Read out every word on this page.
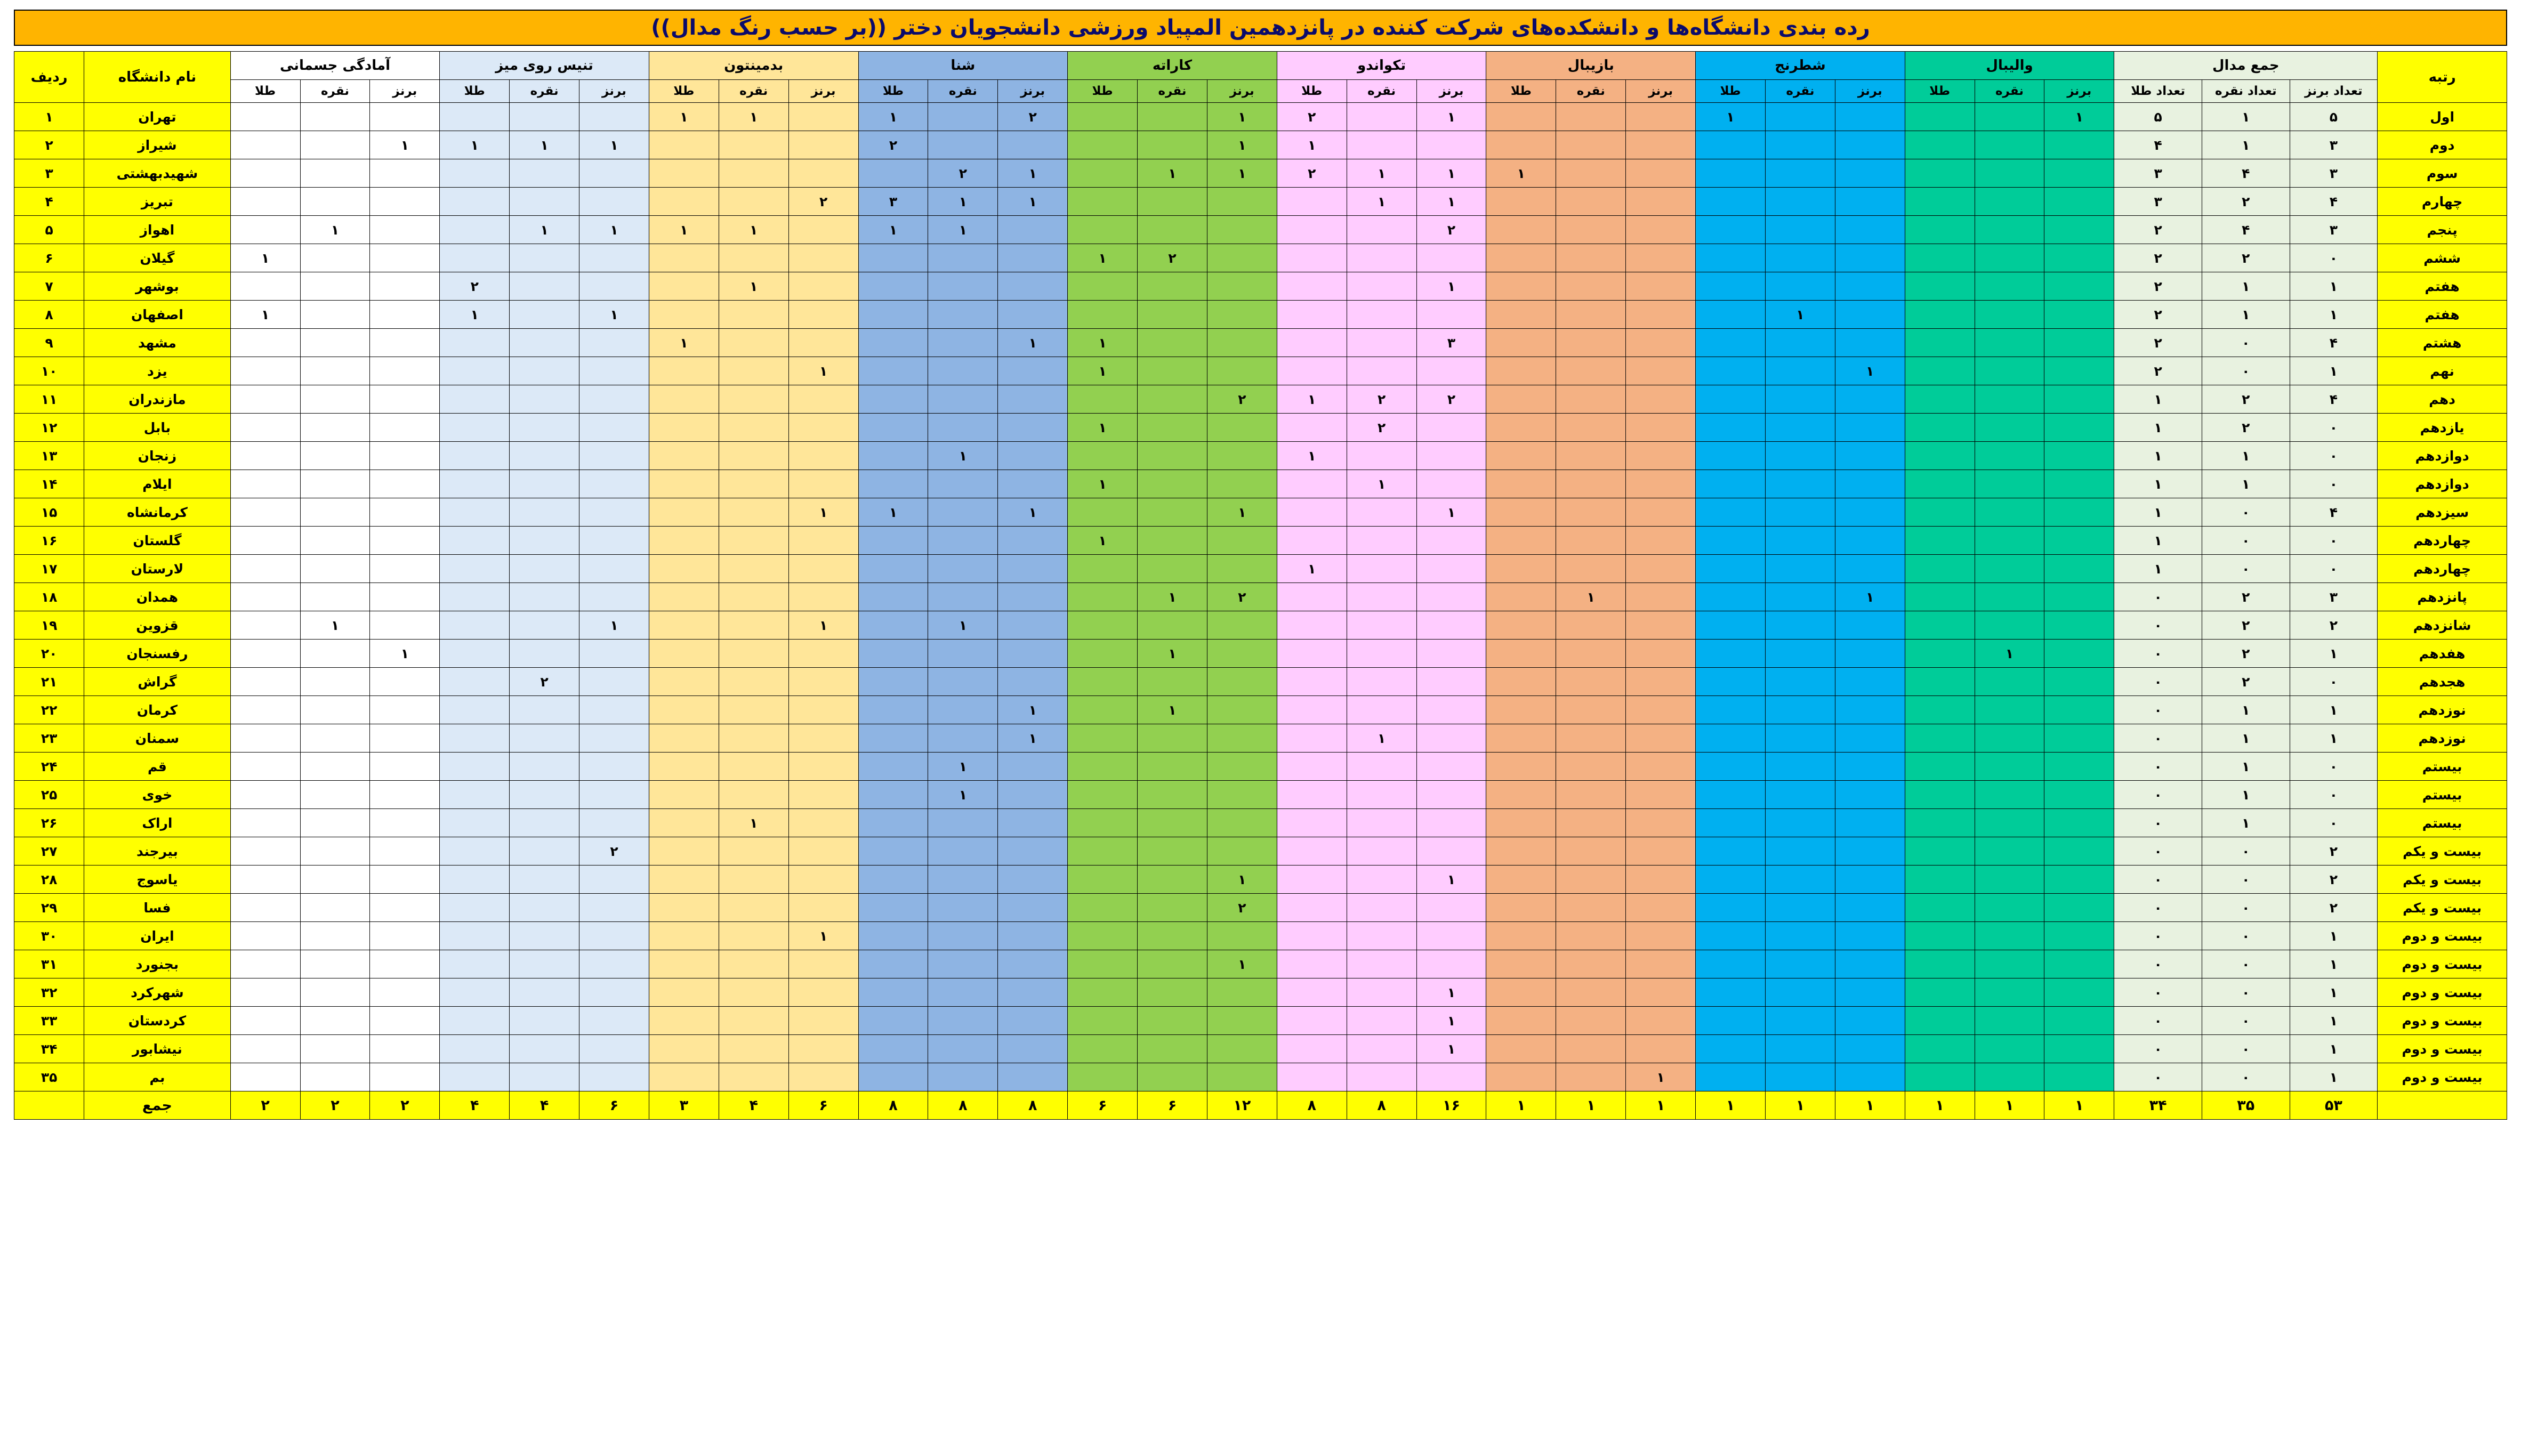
رده بندی دانشگاه‌ها و دانشکده‌های شرکت کننده در پانزدهمین المپیاد ورزشی دانشجویان دختر ((بر حسب رنگ مدال))
رتبه	جمع مدال			والیبال			شطرنج			بازیبال			تکواندو			کاراته			شنا			بدمینتون			تنیس روی میز			آمادگی جسمانی			نام دانشگاه	ردیف
	تعداد برنز	تعداد نقره	تعداد طلا	برنز	نقره	طلا	برنز	نقره	طلا	برنز	نقره	طلا	برنز	نقره	طلا	برنز	نقره	طلا	برنز	نقره	طلا	برنز	نقره	طلا	برنز	نقره	طلا	برنز	نقره	طلا		
اول	۵	۱	۵	۱					۱				۱		۲	۱			۲		۱		۱	۱							تهران	۱
دوم	۳	۱	۴												۱	۱					۲				۱	۱	۱	۱			شیراز	۲
سوم	۳	۴	۳									۱	۱	۱	۲	۱	۱		۱	۲											شهیدبهشتی	۳
چهارم	۴	۲	۳										۱	۱					۱	۱	۳	۲									تبریز	۴
پنجم	۳	۴	۲										۲							۱	۱		۱	۱	۱	۱			۱		اهواز	۵
ششم	۰	۲	۲														۲	۱												۱	گیلان	۶
هفتم	۱	۱	۲										۱										۱				۲				بوشهر	۷
هفتم	۱	۱	۲					۱																	۱		۱			۱	اصفهان	۸
هشتم	۴	۰	۲										۳					۱	۱					۱							مشهد	۹
نهم	۱	۰	۲				۱											۱				۱									یزد	۱۰
دهم	۴	۲	۱										۲	۲	۱	۲															مازندران	۱۱
یازدهم	۰	۲	۱											۲				۱													بابل	۱۲
دوازدهم	۰	۱	۱												۱					۱											زنجان	۱۳
دوازدهم	۰	۱	۱											۱				۱													ایلام	۱۴
سیزدهم	۴	۰	۱										۱			۱			۱		۱	۱									کرمانشاه	۱۵
چهاردهم	۰	۰	۱															۱													گلستان	۱۶
چهاردهم	۰	۰	۱												۱																لارستان	۱۷
پانزدهم	۳	۲	۰				۱				۱					۲	۱														همدان	۱۸
شانزدهم	۲	۲	۰																	۱		۱			۱				۱		قزوین	۱۹
هفدهم	۱	۲	۰		۱												۱											۱			رفسنجان	۲۰
هجدهم	۰	۲	۰																							۲					گراش	۲۱
نوزدهم	۱	۱	۰														۱		۱												کرمان	۲۲
نوزدهم	۱	۱	۰											۱					۱												سمنان	۲۳
بیستم	۰	۱	۰																	۱											قم	۲۴
بیستم	۰	۱	۰																	۱											خوی	۲۵
بیستم	۰	۱	۰																				۱								اراک	۲۶
بیست و یکم	۲	۰	۰																						۲						بیرجند	۲۷
بیست و یکم	۲	۰	۰										۱			۱															یاسوج	۲۸
بیست و یکم	۲	۰	۰													۲															فسا	۲۹
بیست و دوم	۱	۰	۰																			۱									ایران	۳۰
بیست و دوم	۱	۰	۰													۱															بجنورد	۳۱
بیست و دوم	۱	۰	۰										۱																		شهرکرد	۳۲
بیست و دوم	۱	۰	۰										۱																		کردستان	۳۳
بیست و دوم	۱	۰	۰										۱																		نیشابور	۳۴
بیست و دوم	۱	۰	۰							۱																					بم	۳۵
	۵۳	۳۵	۳۴	۱	۱	۱	۱	۱	۱	۱	۱	۱	۱۶	۸	۸	۱۲	۶	۶	۸	۸	۸	۶	۴	۳	۶	۴	۴	۲	۲	۲	جمع	
